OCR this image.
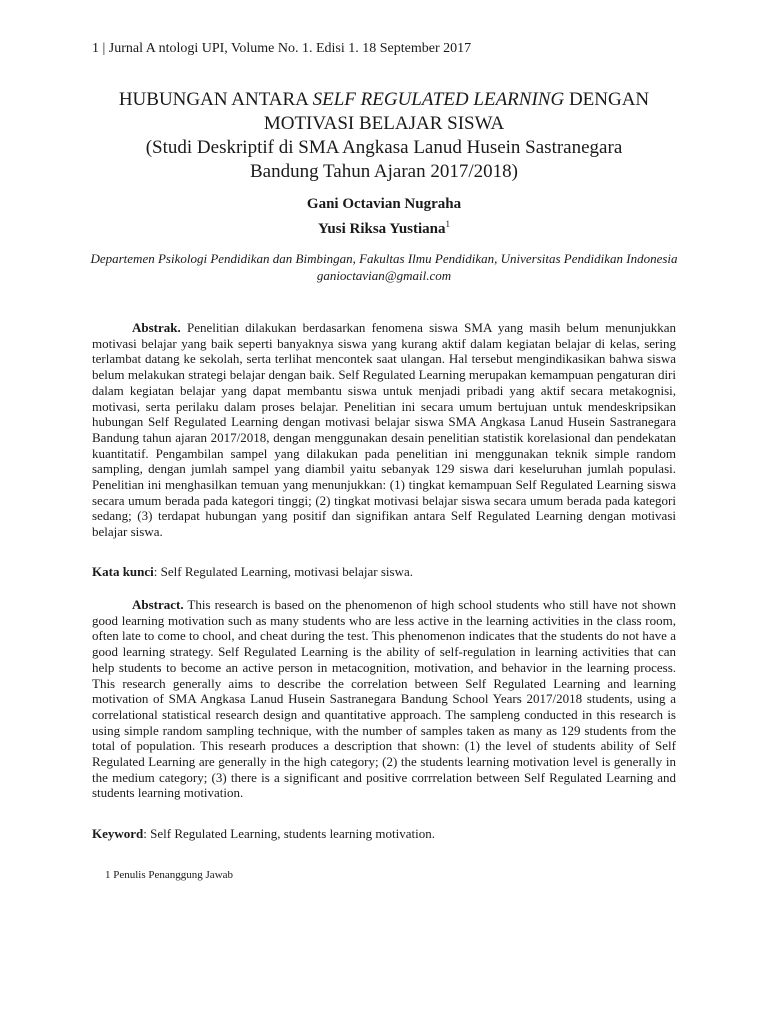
1 | Jurnal A ntologi UPI, Volume No. 1. Edisi 1. 18 September 2017
HUBUNGAN ANTARA SELF REGULATED LEARNING DENGAN
MOTIVASI BELAJAR SISWA
(Studi Deskriptif di SMA Angkasa Lanud Husein Sastranegara
Bandung Tahun Ajaran 2017/2018)
Gani Octavian Nugraha
Yusi Riksa Yustiana$^1$
Departemen Psikologi Pendidikan dan Bimbingan, Fakultas Ilmu Pendidikan, Universitas Pendidikan Indonesia
ganioctavian@gmail.com
Abstrak. Penelitian dilakukan berdasarkan fenomena siswa SMA yang masih belum menunjukkan motivasi belajar yang baik seperti banyaknya siswa yang kurang aktif dalam kegiatan belajar di kelas, sering terlambat datang ke sekolah, serta terlihat mencontek saat ulangan. Hal tersebut mengindikasikan bahwa siswa belum melakukan strategi belajar dengan baik. Self Regulated Learning merupakan kemampuan pengaturan diri dalam kegiatan belajar yang dapat membantu siswa untuk menjadi pribadi yang aktif secara metakognisi, motivasi, serta perilaku dalam proses belajar. Penelitian ini secara umum bertujuan untuk mendeskripsikan hubungan Self Regulated Learning dengan motivasi belajar siswa SMA Angkasa Lanud Husein Sastranegara Bandung tahun ajaran 2017/2018, dengan menggunakan desain penelitian statistik korelasional dan pendekatan kuantitatif. Pengambilan sampel yang dilakukan pada penelitian ini menggunakan teknik simple random sampling, dengan jumlah sampel yang diambil yaitu sebanyak 129 siswa dari keseluruhan jumlah populasi. Penelitian ini menghasilkan temuan yang menunjukkan: (1) tingkat kemampuan Self Regulated Learning siswa secara umum berada pada kategori tinggi; (2) tingkat motivasi belajar siswa secara umum berada pada kategori sedang; (3) terdapat hubungan yang positif dan signifikan antara Self Regulated Learning dengan motivasi belajar siswa.
Kata kunci: Self Regulated Learning, motivasi belajar siswa.
Abstract. This research is based on the phenomenon of high school students who still have not shown good learning motivation such as many students who are less active in the learning activities in the class room, often late to come to chool, and cheat during the test. This phenomenon indicates that the students do not have a good learning strategy. Self Regulated Learning is the ability of self-regulation in learning activities that can help students to become an active person in metacognition, motivation, and behavior in the learning process. This research generally aims to describe the correlation between Self Regulated Learning and learning motivation of SMA Angkasa Lanud Husein Sastranegara Bandung School Years 2017/2018 students, using a correlational statistical research design and quantitative approach. The sampleng conducted in this research is using simple random sampling technique, with the number of samples taken as many as 129 students from the total of population. This researh produces a description that shown: (1) the level of students ability of Self Regulated Learning are generally in the high category; (2) the students learning motivation level is generally in the medium category; (3) there is a significant and positive corrrelation between Self Regulated Learning and students learning motivation.
Keyword: Self Regulated Learning, students learning motivation.
1 Penulis Penanggung Jawab
